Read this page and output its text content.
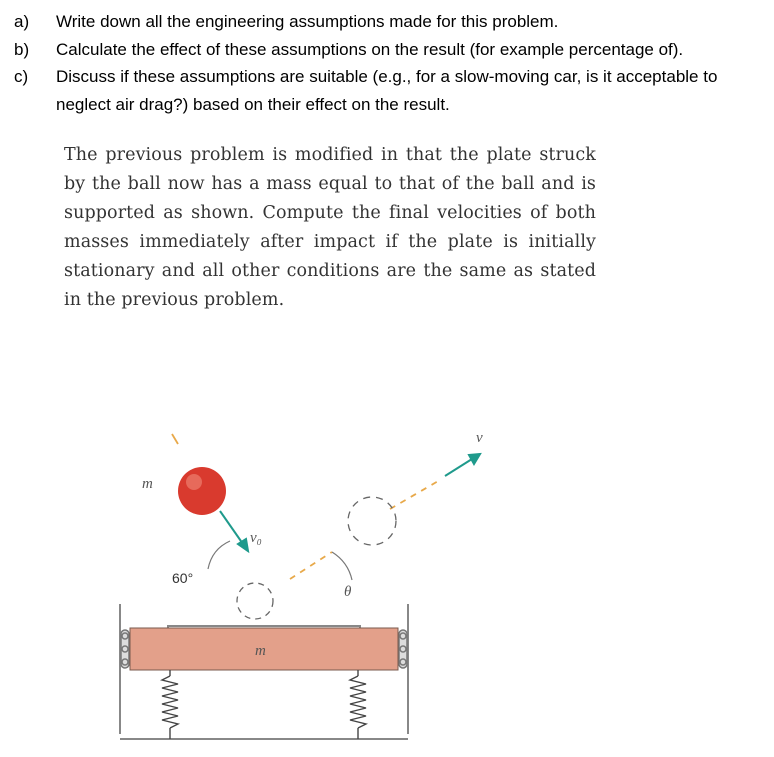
a)	Write down all the engineering assumptions made for this problem.
b)	Calculate the effect of these assumptions on the result (for example percentage of).
c)	Discuss if these assumptions are suitable (e.g., for a slow-moving car, is it acceptable to neglect air drag?) based on their effect on the result.
The previous problem is modified in that the plate struck by the ball now has a mass equal to that of the ball and is supported as shown. Compute the final velocities of both masses immediately after impact if the plate is initially stationary and all other conditions are the same as stated in the previous problem.
m
m
v₀
60°
θ
v
